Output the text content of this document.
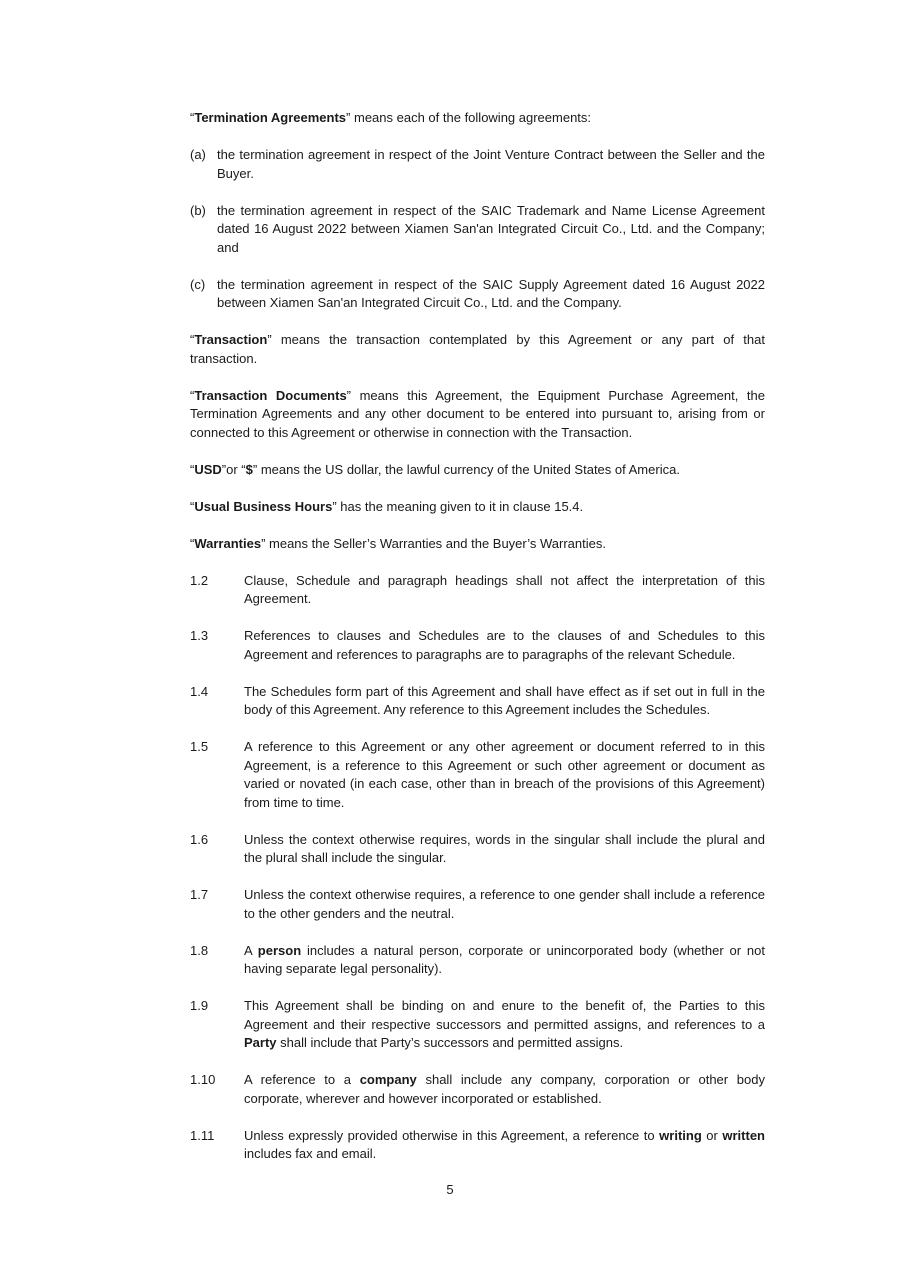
“Termination Agreements” means each of the following agreements:

(a) the termination agreement in respect of the Joint Venture Contract between the Seller and the Buyer.
(b) the termination agreement in respect of the SAIC Trademark and Name License Agreement dated 16 August 2022 between Xiamen San'an Integrated Circuit Co., Ltd. and the Company; and
(c) the termination agreement in respect of the SAIC Supply Agreement dated 16 August 2022 between Xiamen San'an Integrated Circuit Co., Ltd. and the Company.

“Transaction” means the transaction contemplated by this Agreement or any part of that transaction.

“Transaction Documents” means this Agreement, the Equipment Purchase Agreement, the Termination Agreements and any other document to be entered into pursuant to, arising from or connected to this Agreement or otherwise in connection with the Transaction.

“USD”or “$” means the US dollar, the lawful currency of the United States of America.

“Usual Business Hours” has the meaning given to it in clause 15.4.

“Warranties” means the Seller’s Warranties and the Buyer’s Warranties.

1.2	Clause, Schedule and paragraph headings shall not affect the interpretation of this Agreement.
1.3	References to clauses and Schedules are to the clauses of and Schedules to this Agreement and references to paragraphs are to paragraphs of the relevant Schedule.
1.4	The Schedules form part of this Agreement and shall have effect as if set out in full in the body of this Agreement. Any reference to this Agreement includes the Schedules.
1.5	A reference to this Agreement or any other agreement or document referred to in this Agreement, is a reference to this Agreement or such other agreement or document as varied or novated (in each case, other than in breach of the provisions of this Agreement) from time to time.
1.6	Unless the context otherwise requires, words in the singular shall include the plural and the plural shall include the singular.
1.7	Unless the context otherwise requires, a reference to one gender shall include a reference to the other genders and the neutral.
1.8	A person includes a natural person, corporate or unincorporated body (whether or not having separate legal personality).
1.9	This Agreement shall be binding on and enure to the benefit of, the Parties to this Agreement and their respective successors and permitted assigns, and references to a Party shall include that Party’s successors and permitted assigns.
1.10	A reference to a company shall include any company, corporation or other body corporate, wherever and however incorporated or established.
1.11	Unless expressly provided otherwise in this Agreement, a reference to writing or written includes fax and email.
5
